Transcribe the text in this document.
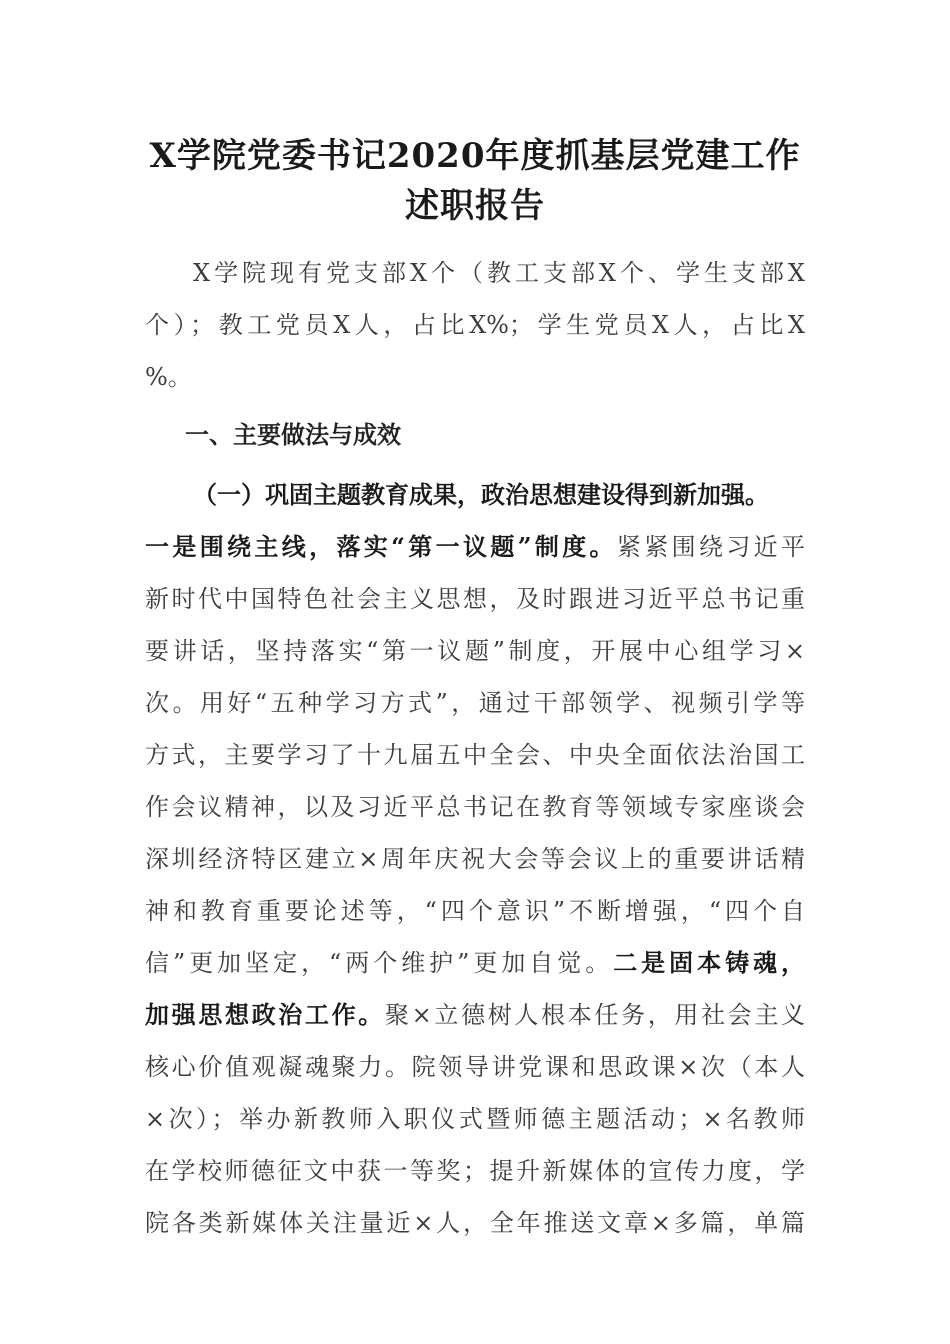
X学院党委书记2020年度抓基层党建工作
述职报告
X学院现有党支部X个（教工支部X个、学生支部X
个）；教工党员X人，占比X%；学生党员X人，占比X
%。
一、主要做法与成效
（一）巩固主题教育成果，政治思想建设得到新加强。
一是围绕主线，落实“第一议题”制度。紧紧围绕习近平
新时代中国特色社会主义思想，及时跟进习近平总书记重
要讲话，坚持落实“第一议题”制度，开展中心组学习×
次。用好“五种学习方式”，通过干部领学、视频引学等
方式，主要学习了十九届五中全会、中央全面依法治国工
作会议精神，以及习近平总书记在教育等领域专家座谈会
深圳经济特区建立×周年庆祝大会等会议上的重要讲话精
神和教育重要论述等，“四个意识”不断增强，“四个自
信”更加坚定，“两个维护”更加自觉。二是固本铸魂，
加强思想政治工作。聚×立德树人根本任务，用社会主义
核心价值观凝魂聚力。院领导讲党课和思政课×次（本人
×次）；举办新教师入职仪式暨师德主题活动；×名教师
在学校师德征文中获一等奖；提升新媒体的宣传力度，学
院各类新媒体关注量近×人，全年推送文章×多篇，单篇
